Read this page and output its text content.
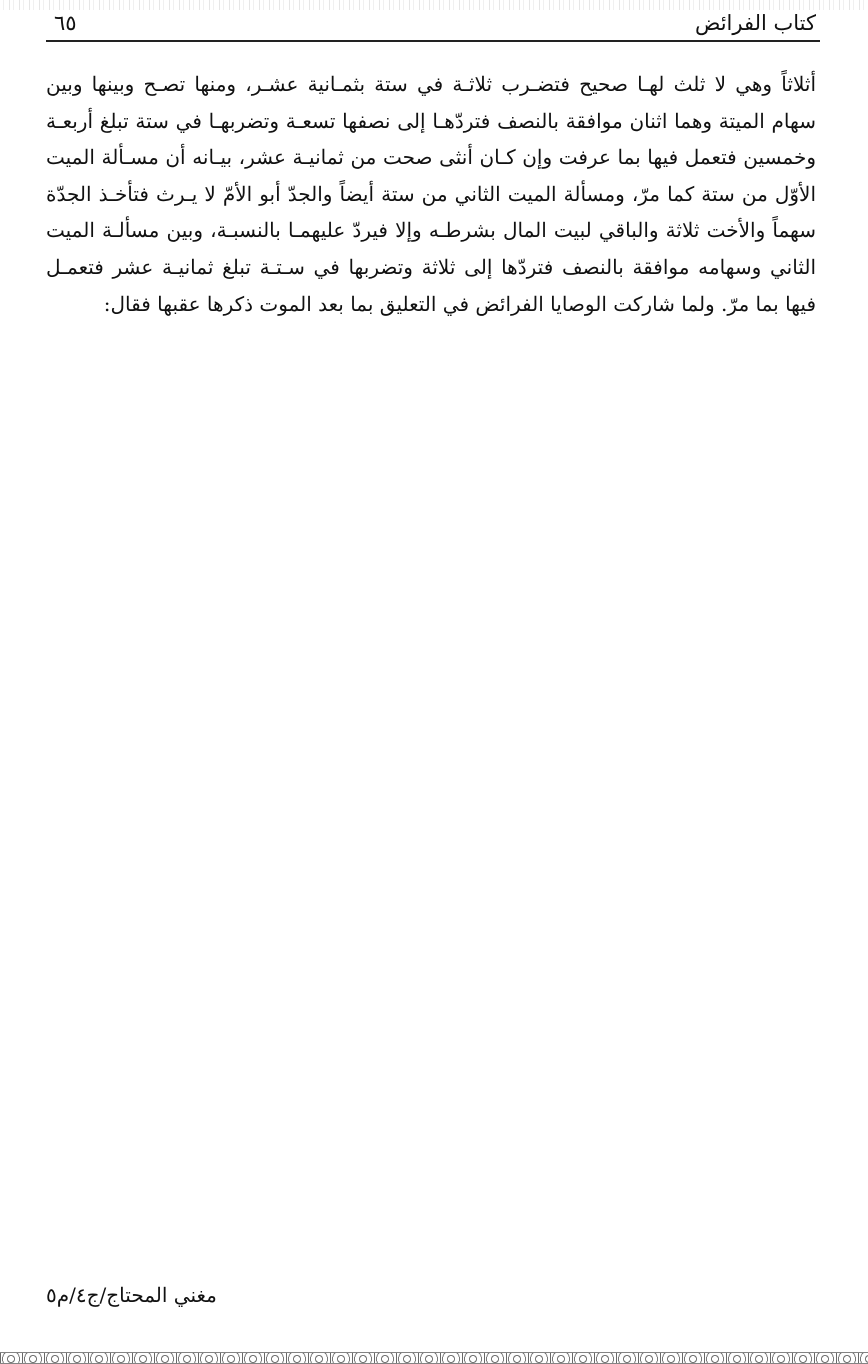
كتاب الفرائض
٦٥

أثلاثاً وهي لا ثلث لهـا صحيح فتضـرب ثلاثـة في ستة بثمـانية عشـر، ومنها تصـح وبينها وبين سهام الميتة وهما اثنان موافقة بالنصف فتردّهـا إلى نصفها تسعـة وتضربهـا في ستة تبلغ أربعـة وخمسين فتعمل فيها بما عرفت وإن كـان أنثى صحت من ثمانيـة عشر، بيـانه أن مسـألة الميت الأوّل من ستة كما مرّ، ومسألة الميت الثاني من ستة أيضاً والجدّ أبو الأمّ لا يـرث فتأخـذ الجدّة سهماً والأخت ثلاثة والباقي لبيت المال بشرطـه وإلا فيردّ عليهمـا بالنسبـة، وبين مسألـة الميت الثاني وسهامه موافقة بالنصف فتردّها إلى ثلاثة وتضربها في سـتـة تبلغ ثمانيـة عشر فتعمـل فيها بما مرّ. ولما شاركت الوصايا الفرائض في التعليق بما بعد الموت ذكرها عقبها فقال:

مغني المحتاج/ج٤/م٥
